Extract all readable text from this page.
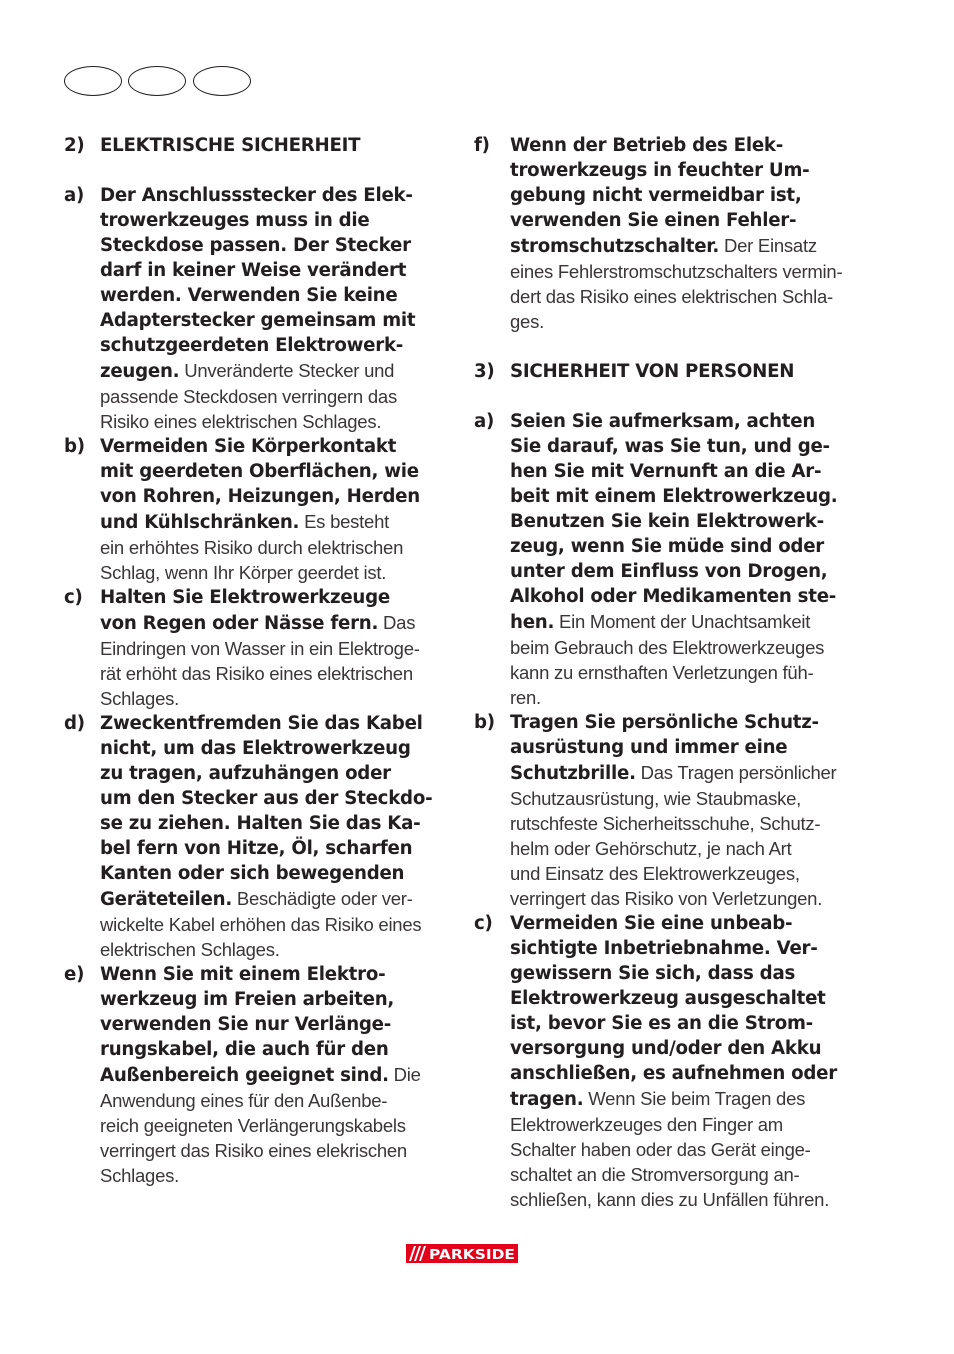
2) ELEKTRISCHE SICHERHEIT
a) Der Anschlussstecker des Elek-
trowerkzeuges muss in die
Steckdose passen. Der Stecker
darf in keiner Weise verändert
werden. Verwenden Sie keine
Adapterstecker gemeinsam mit
schutzgeerdeten Elektrowerk-
zeugen. Unveränderte Stecker und
passende Steckdosen verringern das
Risiko eines elektrischen Schlages.
b) Vermeiden Sie Körperkontakt
mit geerdeten Oberflächen, wie
von Rohren, Heizungen, Herden
und Kühlschränken. Es besteht
ein erhöhtes Risiko durch elektrischen
Schlag, wenn Ihr Körper geerdet ist.
c) Halten Sie Elektrowerkzeuge
von Regen oder Nässe fern. Das
Eindringen von Wasser in ein Elektroge-
rät erhöht das Risiko eines elektrischen
Schlages.
d) Zweckentfremden Sie das Kabel
nicht, um das Elektrowerkzeug
zu tragen, aufzuhängen oder
um den Stecker aus der Steckdo-
se zu ziehen. Halten Sie das Ka-
bel fern von Hitze, Öl, scharfen
Kanten oder sich bewegenden
Geräteteilen. Beschädigte oder ver-
wickelte Kabel erhöhen das Risiko eines
elektrischen Schlages.
e) Wenn Sie mit einem Elektro-
werkzeug im Freien arbeiten,
verwenden Sie nur Verlänge-
rungskabel, die auch für den
Außenbereich geeignet sind. Die
Anwendung eines für den Außenbe-
reich geeigneten Verlängerungskabels
verringert das Risiko eines elekrischen
Schlages.
f) Wenn der Betrieb des Elek-
trowerkzeugs in feuchter Um-
gebung nicht vermeidbar ist,
verwenden Sie einen Fehler-
stromschutzschalter. Der Einsatz
eines Fehlerstromschutzschalters vermin-
dert das Risiko eines elektrischen Schla-
ges.
3) SICHERHEIT VON PERSONEN
a) Seien Sie aufmerksam, achten
Sie darauf, was Sie tun, und ge-
hen Sie mit Vernunft an die Ar-
beit mit einem Elektrowerkzeug.
Benutzen Sie kein Elektrowerk-
zeug, wenn Sie müde sind oder
unter dem Einfluss von Drogen,
Alkohol oder Medikamenten ste-
hen. Ein Moment der Unachtsamkeit
beim Gebrauch des Elektrowerkzeuges
kann zu ernsthaften Verletzungen füh-
ren.
b) Tragen Sie persönliche Schutz-
ausrüstung und immer eine
Schutzbrille. Das Tragen persönlicher
Schutzausrüstung, wie Staubmaske,
rutschfeste Sicherheitsschuhe, Schutz-
helm oder Gehörschutz, je nach Art
und Einsatz des Elektrowerkzeuges,
verringert das Risiko von Verletzungen.
c) Vermeiden Sie eine unbeab-
sichtigte Inbetriebnahme. Ver-
gewissern Sie sich, dass das
Elektrowerkzeug ausgeschaltet
ist, bevor Sie es an die Strom-
versorgung und/oder den Akku
anschließen, es aufnehmen oder
tragen. Wenn Sie beim Tragen des
Elektrowerkzeuges den Finger am
Schalter haben oder das Gerät einge-
schaltet an die Stromversorgung an-
schließen, kann dies zu Unfällen führen.
PARKSIDE
